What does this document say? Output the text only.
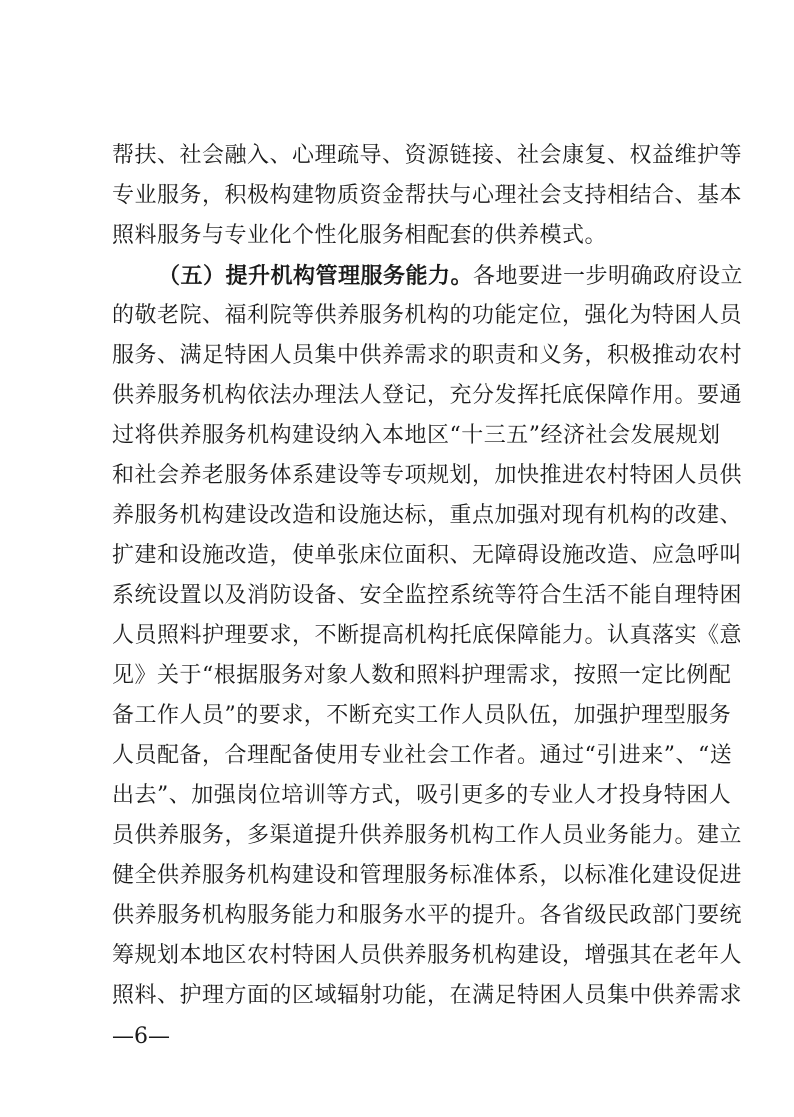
帮扶、社会融入、心理疏导、资源链接、社会康复、权益维护等
专业服务，积极构建物质资金帮扶与心理社会支持相结合、基本
照料服务与专业化个性化服务相配套的供养模式。
（五）提升机构管理服务能力。各地要进一步明确政府设立
的敬老院、福利院等供养服务机构的功能定位，强化为特困人员
服务、满足特困人员集中供养需求的职责和义务，积极推动农村
供养服务机构依法办理法人登记，充分发挥托底保障作用。要通
过将供养服务机构建设纳入本地区“十三五”经济社会发展规划
和社会养老服务体系建设等专项规划，加快推进农村特困人员供
养服务机构建设改造和设施达标，重点加强对现有机构的改建、
扩建和设施改造，使单张床位面积、无障碍设施改造、应急呼叫
系统设置以及消防设备、安全监控系统等符合生活不能自理特困
人员照料护理要求，不断提高机构托底保障能力。认真落实《意
见》关于“根据服务对象人数和照料护理需求，按照一定比例配
备工作人员”的要求，不断充实工作人员队伍，加强护理型服务
人员配备，合理配备使用专业社会工作者。通过“引进来”、“送
出去”、加强岗位培训等方式，吸引更多的专业人才投身特困人
员供养服务，多渠道提升供养服务机构工作人员业务能力。建立
健全供养服务机构建设和管理服务标准体系，以标准化建设促进
供养服务机构服务能力和服务水平的提升。各省级民政部门要统
筹规划本地区农村特困人员供养服务机构建设，增强其在老年人
照料、护理方面的区域辐射功能，在满足特困人员集中供养需求
—6—
